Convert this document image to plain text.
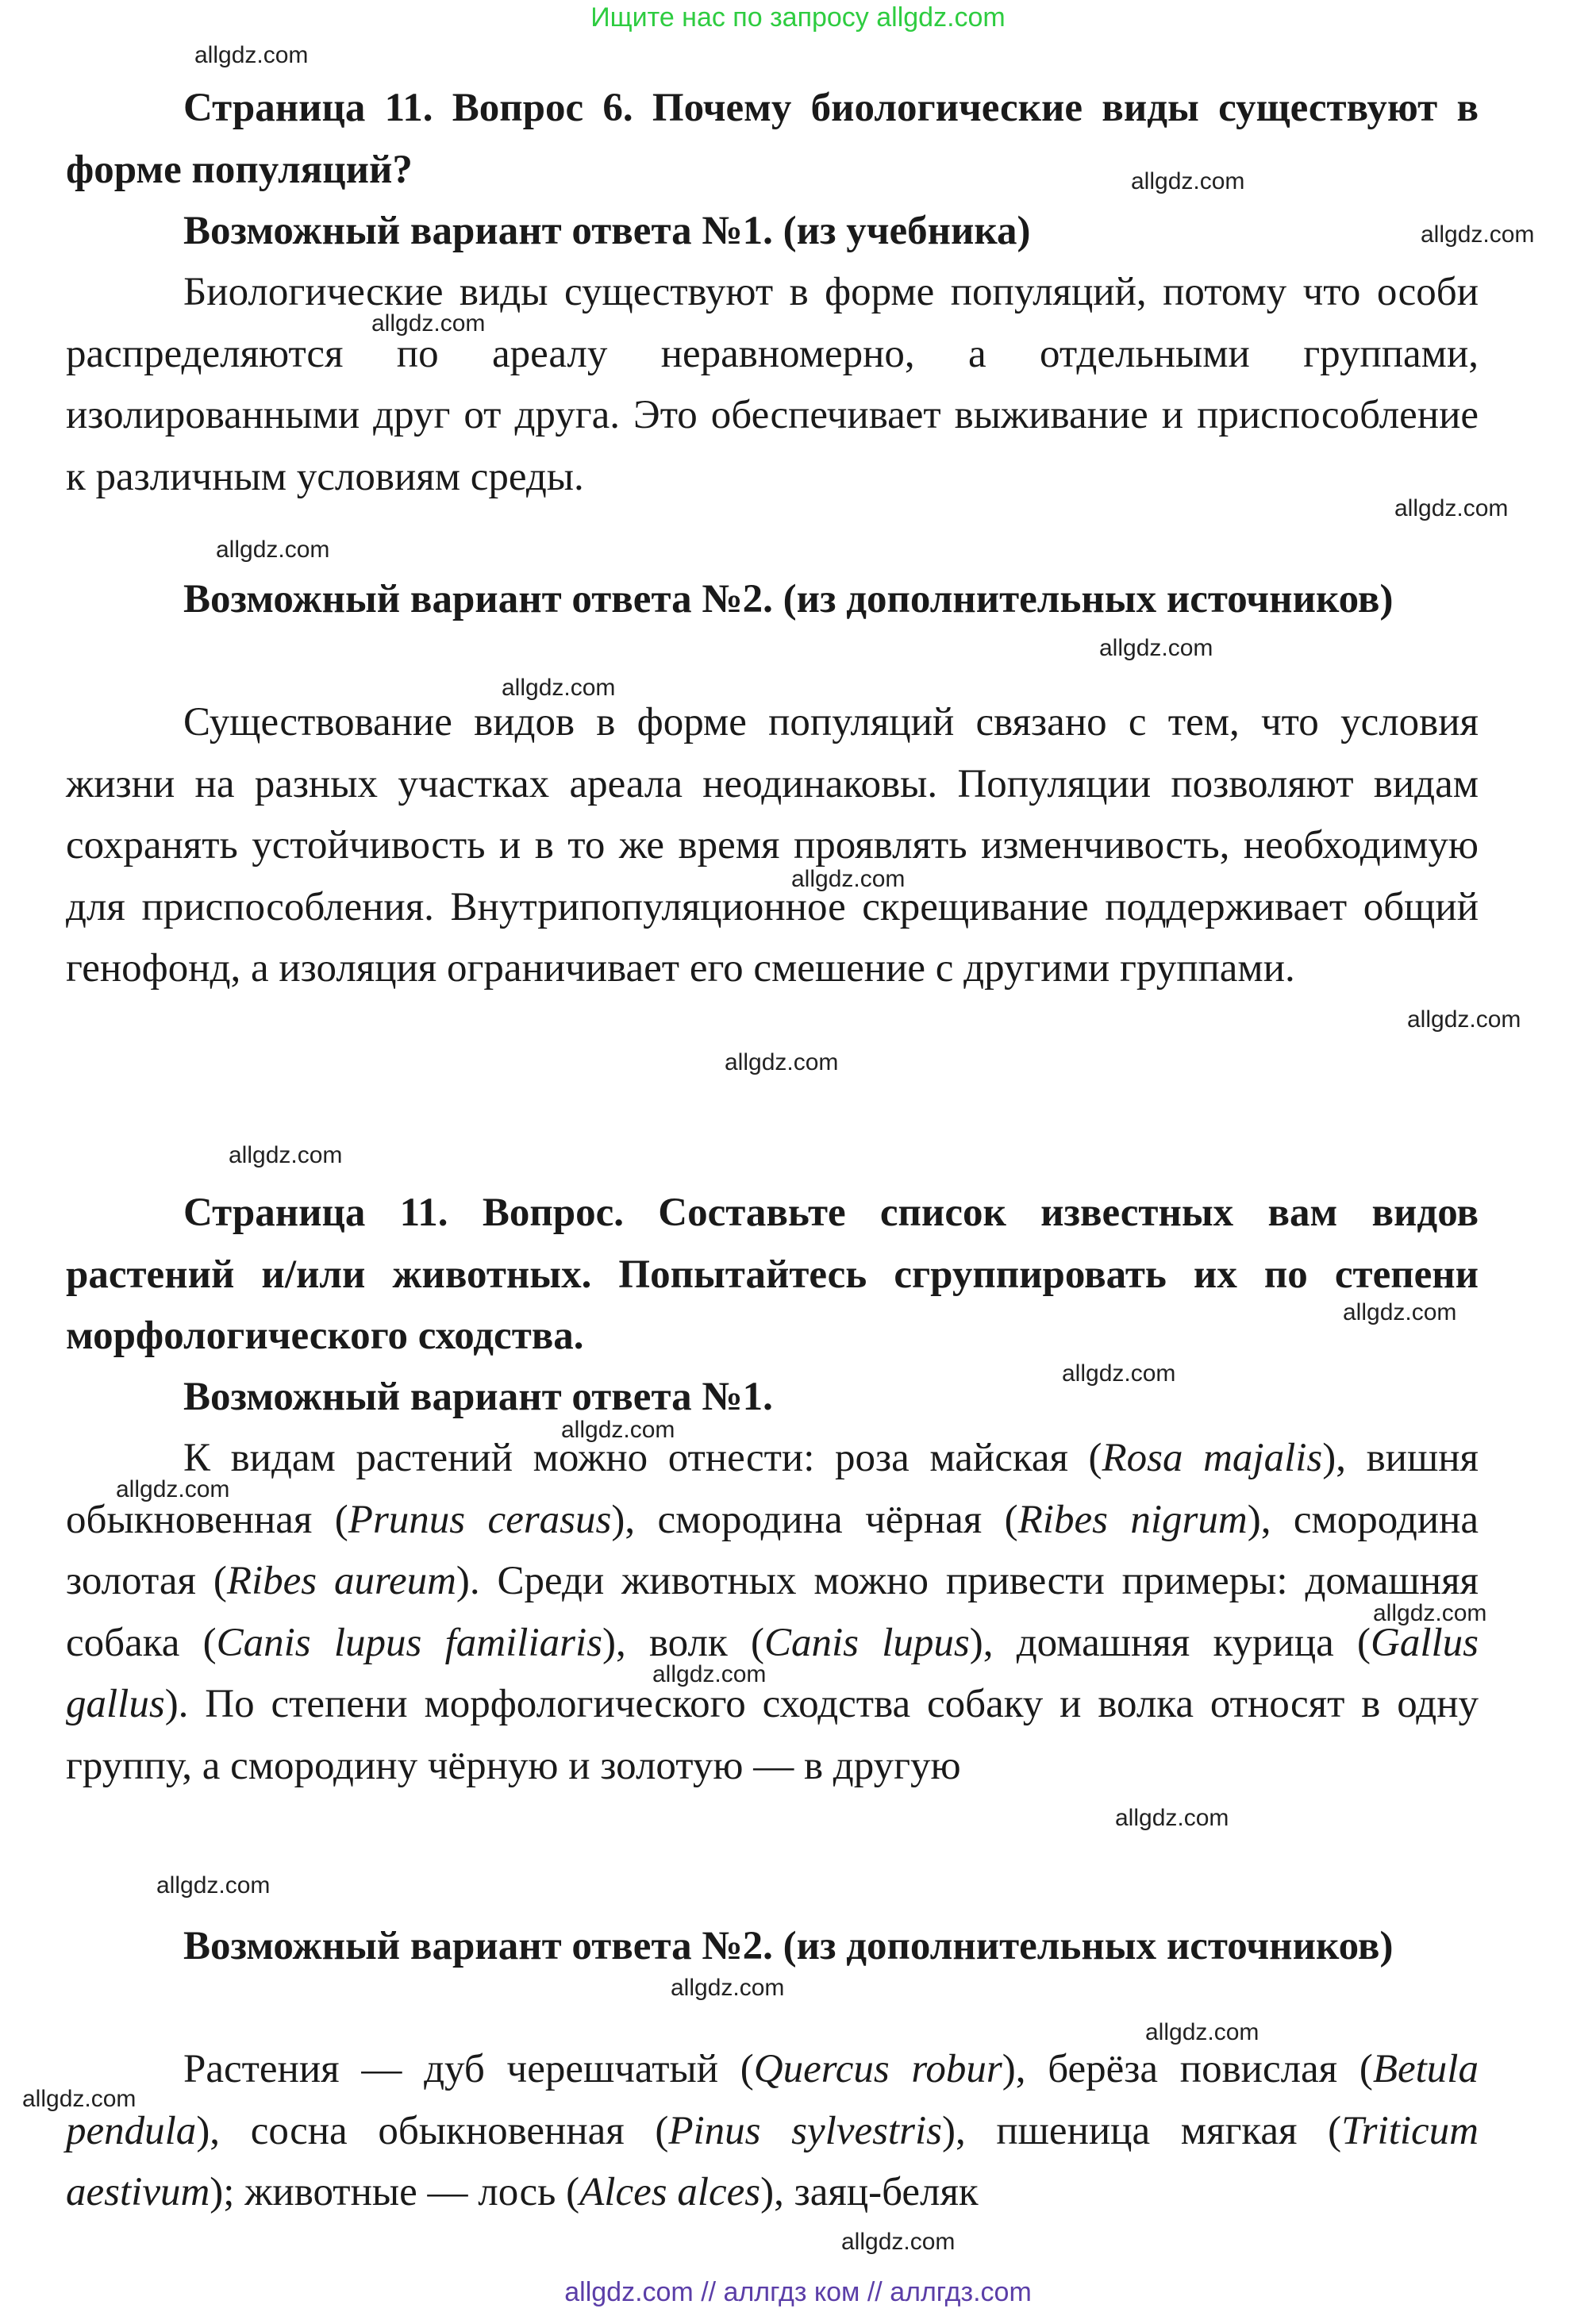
Ищите нас по запросу allgdz.com

Страница 11. Вопрос 6. Почему биологические виды существуют в форме популяций?

Возможный вариант ответа №1. (из учебника)

Биологические виды существуют в форме популяций, потому что особи распределяются по ареалу неравномерно, а отдельными группами, изолированными друг от друга. Это обеспечивает выживание и приспособление к различным условиям среды.

Возможный вариант ответа №2. (из дополнительных источников)

Существование видов в форме популяций связано с тем, что условия жизни на разных участках ареала неодинаковы. Популяции позволяют видам сохранять устойчивость и в то же время проявлять изменчивость, необходимую для приспособления. Внутрипопуляционное скрещивание поддерживает общий генофонд, а изоляция ограничивает его смешение с другими группами.

Страница 11. Вопрос. Составьте список известных вам видов растений и/или животных. Попытайтесь сгруппировать их по степени морфологического сходства.

Возможный вариант ответа №1.

К видам растений можно отнести: роза майская (Rosa majalis), вишня обыкновенная (Prunus cerasus), смородина чёрная (Ribes nigrum), смородина золотая (Ribes aureum). Среди животных можно привести примеры: домашняя собака (Canis lupus familiaris), волк (Canis lupus), домашняя курица (Gallus gallus). По степени морфологического сходства собаку и волка относят в одну группу, а смородину чёрную и золотую — в другую

Возможный вариант ответа №2. (из дополнительных источников)

Растения — дуб черешчатый (Quercus robur), берёза повислая (Betula pendula), сосна обыкновенная (Pinus sylvestris), пшеница мягкая (Triticum aestivum); животные — лось (Alces alces), заяц-беляк

allgdz.com
allgdz.com
allgdz.com
allgdz.com
allgdz.com
allgdz.com
allgdz.com
allgdz.com
allgdz.com
allgdz.com
allgdz.com
allgdz.com
allgdz.com
allgdz.com
allgdz.com
allgdz.com
allgdz.com
allgdz.com
allgdz.com
allgdz.com
allgdz.com
allgdz.com
allgdz.com
allgdz.com
allgdz.com // аллгдз ком // аллгдз.com
